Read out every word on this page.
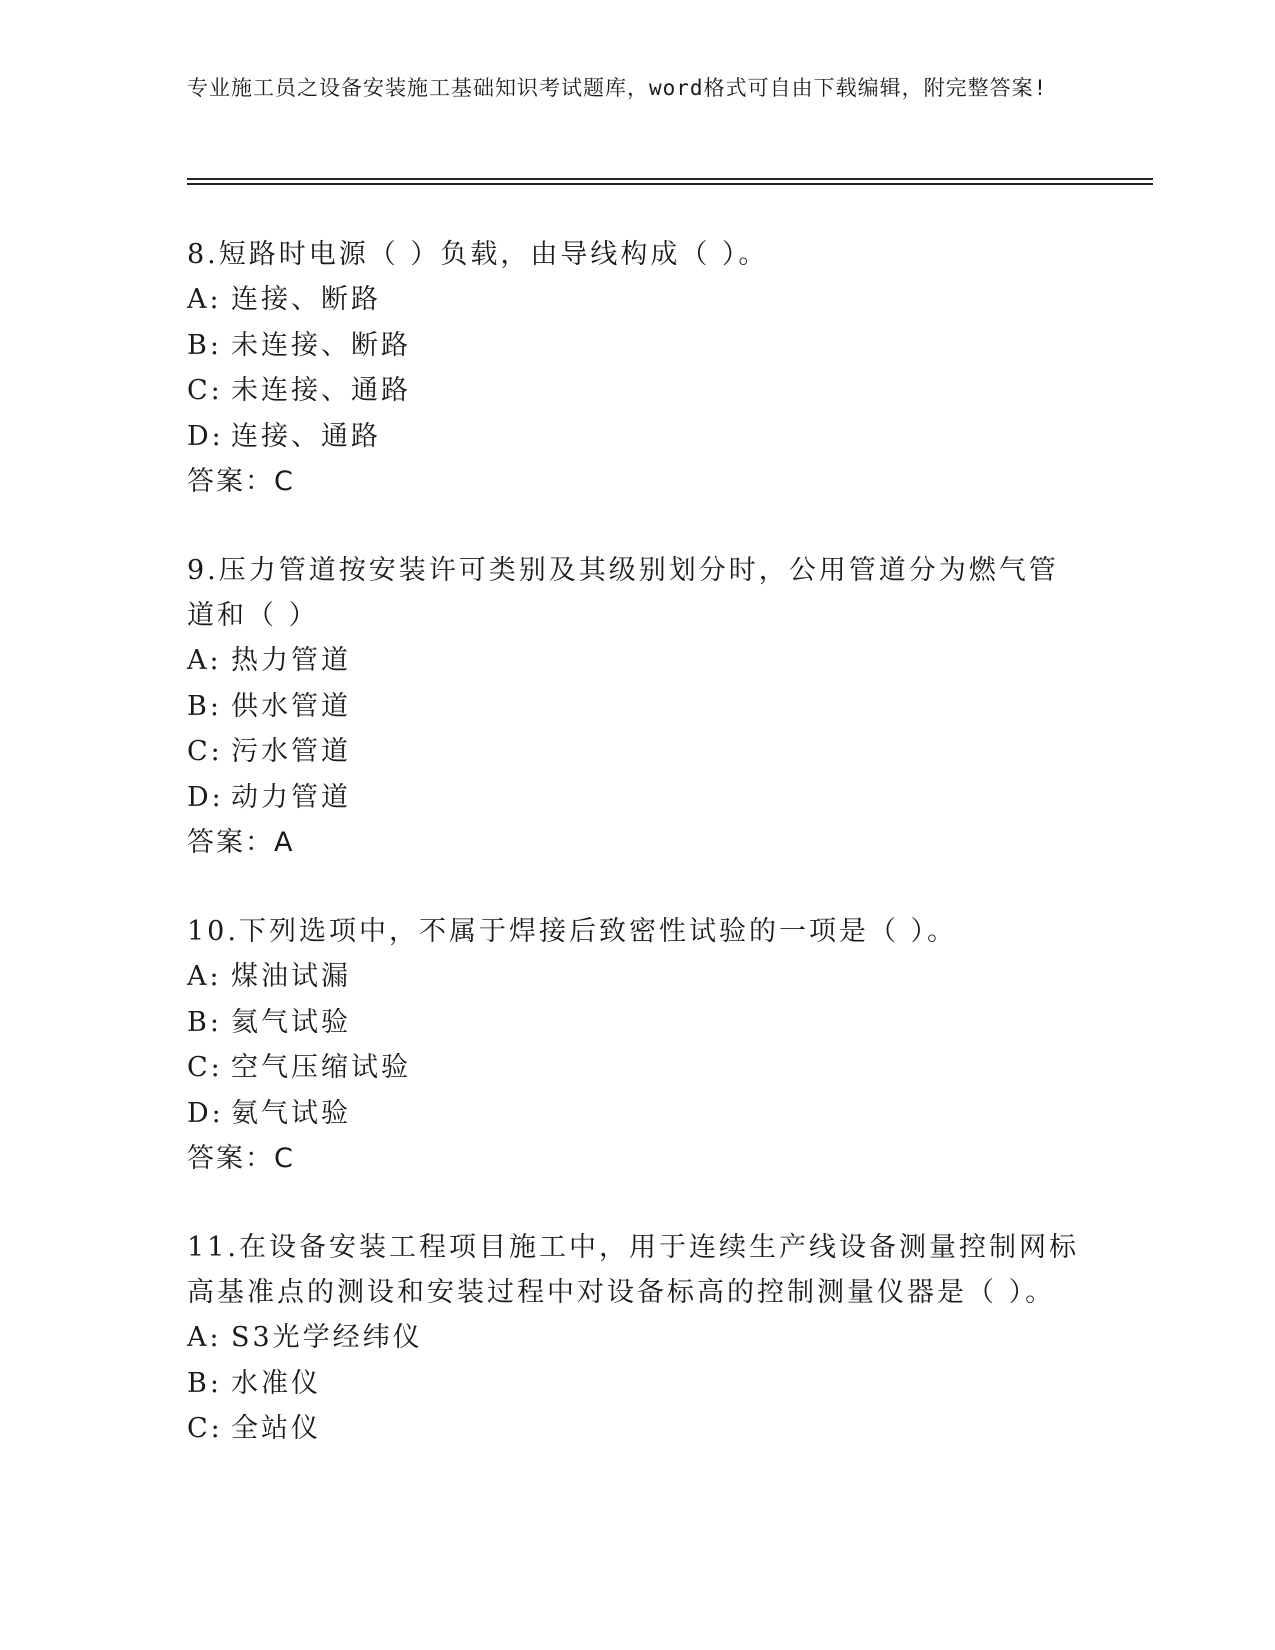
专业施工员之设备安装施工基础知识考试题库，word格式可自由下载编辑，附完整答案!

8.短路时电源（ ）负载，由导线构成（ ）。

A: 连接、断路

B: 未连接、断路

C: 未连接、通路

D: 连接、通路

答案：C

9.压力管道按安装许可类别及其级别划分时，公用管道分为燃气管道和（ ）

A: 热力管道

B: 供水管道

C: 污水管道

D: 动力管道

答案：A

10.下列选项中，不属于焊接后致密性试验的一项是（ ）。

A: 煤油试漏

B: 氦气试验

C: 空气压缩试验

D: 氨气试验

答案：C

11.在设备安装工程项目施工中，用于连续生产线设备测量控制网标高基准点的测设和安装过程中对设备标高的控制测量仪器是（ ）。

A: S3光学经纬仪

B: 水准仪

C: 全站仪
